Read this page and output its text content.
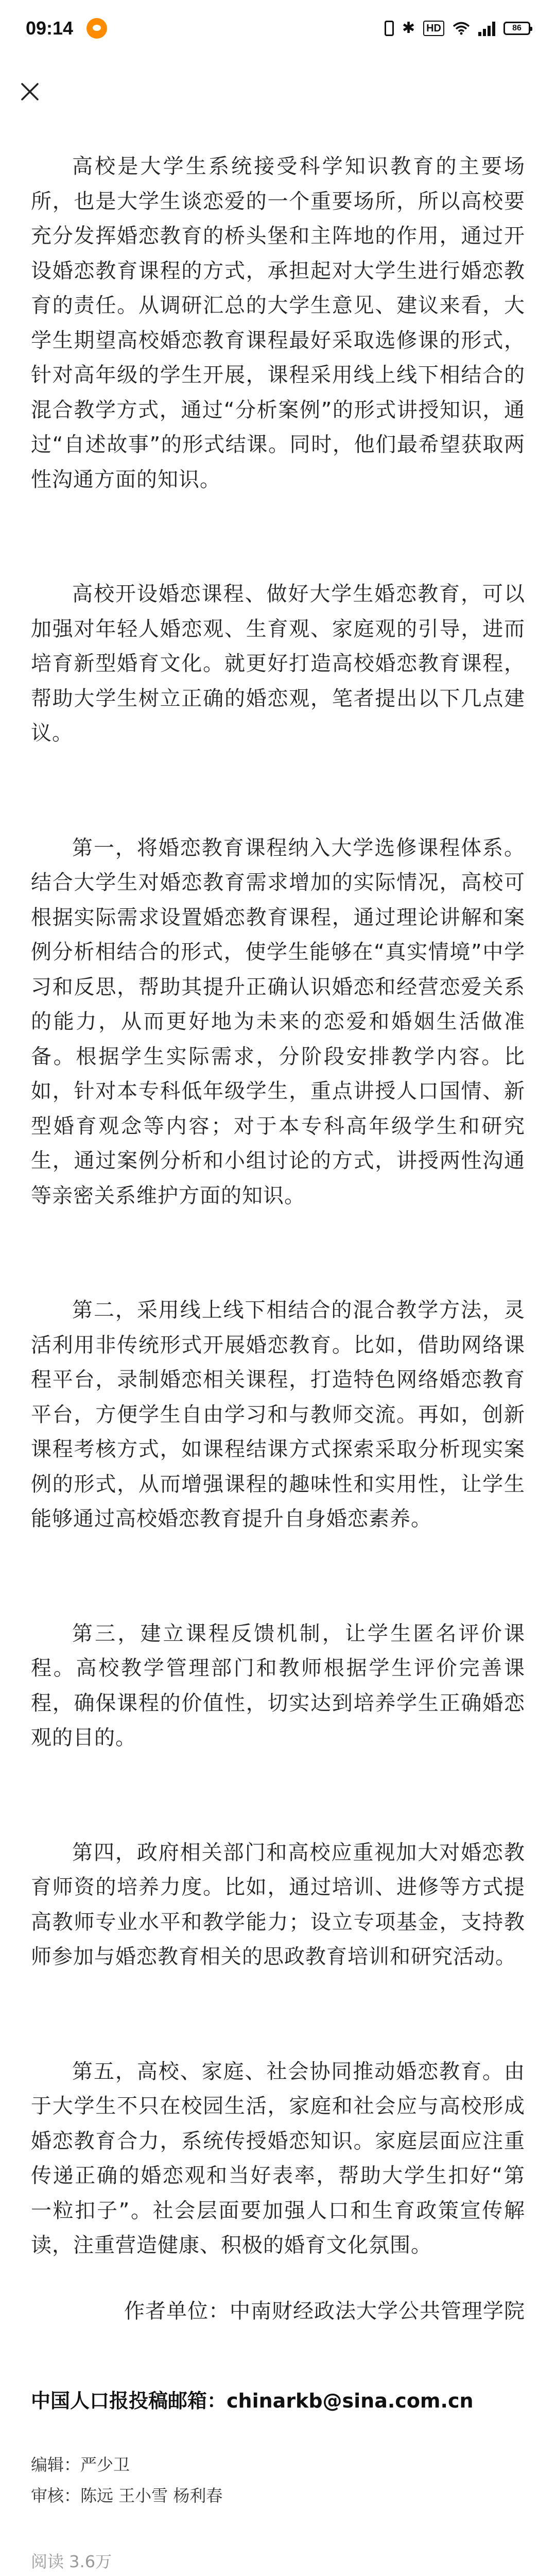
09:14	✱	HD	86

高校是大学生系统接受科学知识教育的主要场所，也是大学生谈恋爱的一个重要场所，所以高校要充分发挥婚恋教育的桥头堡和主阵地的作用，通过开设婚恋教育课程的方式，承担起对大学生进行婚恋教育的责任。从调研汇总的大学生意见、建议来看，大学生期望高校婚恋教育课程最好采取选修课的形式，针对高年级的学生开展，课程采用线上线下相结合的混合教学方式，通过“分析案例”的形式讲授知识，通过“自述故事”的形式结课。同时，他们最希望获取两性沟通方面的知识。

高校开设婚恋课程、做好大学生婚恋教育，可以加强对年轻人婚恋观、生育观、家庭观的引导，进而培育新型婚育文化。就更好打造高校婚恋教育课程，帮助大学生树立正确的婚恋观，笔者提出以下几点建议。

第一，将婚恋教育课程纳入大学选修课程体系。结合大学生对婚恋教育需求增加的实际情况，高校可根据实际需求设置婚恋教育课程，通过理论讲解和案例分析相结合的形式，使学生能够在“真实情境”中学习和反思，帮助其提升正确认识婚恋和经营恋爱关系的能力，从而更好地为未来的恋爱和婚姻生活做准备。根据学生实际需求，分阶段安排教学内容。比如，针对本专科低年级学生，重点讲授人口国情、新型婚育观念等内容；对于本专科高年级学生和研究生，通过案例分析和小组讨论的方式，讲授两性沟通等亲密关系维护方面的知识。

第二，采用线上线下相结合的混合教学方法，灵活利用非传统形式开展婚恋教育。比如，借助网络课程平台，录制婚恋相关课程，打造特色网络婚恋教育平台，方便学生自由学习和与教师交流。再如，创新课程考核方式，如课程结课方式探索采取分析现实案例的形式，从而增强课程的趣味性和实用性，让学生能够通过高校婚恋教育提升自身婚恋素养。

第三，建立课程反馈机制，让学生匿名评价课程。高校教学管理部门和教师根据学生评价完善课程，确保课程的价值性，切实达到培养学生正确婚恋观的目的。

第四，政府相关部门和高校应重视加大对婚恋教育师资的培养力度。比如，通过培训、进修等方式提高教师专业水平和教学能力；设立专项基金，支持教师参加与婚恋教育相关的思政教育培训和研究活动。

第五，高校、家庭、社会协同推动婚恋教育。由于大学生不只在校园生活，家庭和社会应与高校形成婚恋教育合力，系统传授婚恋知识。家庭层面应注重传递正确的婚恋观和当好表率，帮助大学生扣好“第一粒扣子”。社会层面要加强人口和生育政策宣传解读，注重营造健康、积极的婚育文化氛围。

作者单位：中南财经政法大学公共管理学院

中国人口报投稿邮箱：chinarkb@sina.com.cn

编辑：严少卫

审核：陈远 王小雪 杨利春

阅读 3.6万
